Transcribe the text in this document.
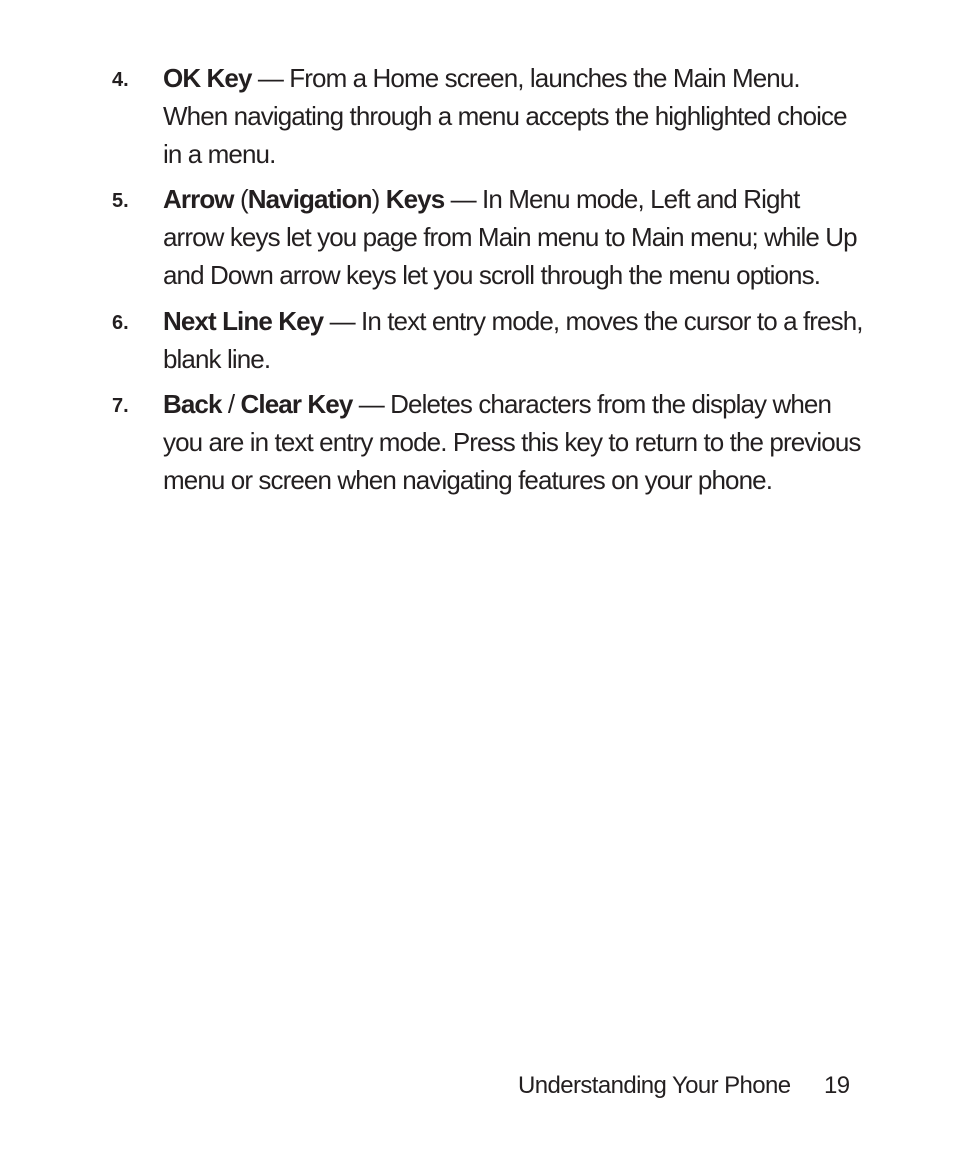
4. OK Key — From a Home screen, launches the Main Menu. When navigating through a menu accepts the highlighted choice in a menu.
5. Arrow (Navigation) Keys — In Menu mode, Left and Right arrow keys let you page from Main menu to Main menu; while Up and Down arrow keys let you scroll through the menu options.
6. Next Line Key — In text entry mode, moves the cursor to a fresh, blank line.
7. Back / Clear Key — Deletes characters from the display when you are in text entry mode. Press this key to return to the previous menu or screen when navigating features on your phone.
Understanding Your Phone 19
